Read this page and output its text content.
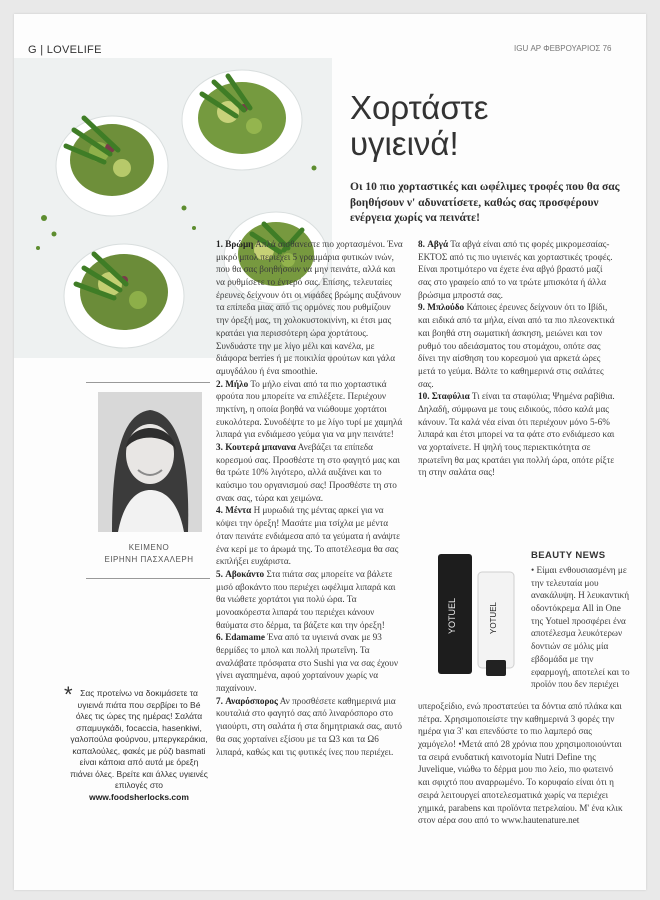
G | LOVELIFE	IGU ΑΡ ΦΕΒΡΟΥΑΡΙΟΣ 76
Χορτάστε
υγιεινά!

Οι 10 πιο χορταστικές και ωφέλιμες τροφές που θα σας βοηθήσουν ν' αδυνατίσετε, καθώς σας προσφέρουν ενέργεια χωρίς να πεινάτε!

1. Βρώμη Απλά αισθανεστε πιο χορτασμένοι. Ένα μικρό μπολ περιέχει 5 γραμμάρια φυτικών ινών, που θα σας βοηθήσουν να μην πεινάτε, αλλά και να ρυθμίσετε το έντερό σας. Επίσης, τελευταίες έρευνες δείχνουν ότι οι νιφάδες βρώμης αυξάνουν τα επίπεδα μιας από τις ορμόνες που ρυθμίζουν την όρεξή μας, τη χολοκυστοκινίνη, κι έτσι μας κρατάει για περισσότερη ώρα χορτάτους. Συνδυάστε την με λίγο μέλι και κανέλα, με διάφορα berries ή με ποικιλία φρούτων και γάλα αμυγδάλου ή ένα smoothie.

2. Μήλο Το μήλο είναι από τα πιο χορταστικά φρούτα που μπορείτε να επιλέξετε. Περιέχουν πηκτίνη, η οποία βοηθά να νιώθουμε χορτάτοι ευκολότερα. Συνοδέψτε το με λίγο τυρί με χαμηλά λιπαρά για ενδιάμεσο γεύμα για να μην πεινάτε!

3. Κουτερά μπανανα Ανεβάζει τα επίπεδα κορεσμού σας. Προσθέστε τη στο φαγητό μας και θα τρώτε 10% λιγότερο, αλλά αυξάνει και το καύσιμο του οργανισμού σας! Προσθέστε τη στο σνακ σας, τώρα και χειμώνα.

4. Μέντα Η μυρωδιά της μέντας αρκεί για να κόψει την όρεξη! Μασάτε μια τσίχλα με μέντα όταν πεινάτε ενδιάμεσα από τα γεύματα ή ανάψτε ένα κερί με το άρωμά της. Το αποτέλεσμα θα σας εκπλήξει ευχάριστα.

5. Αβοκάντο Στα πιάτα σας μπορείτε να βάλετε μισό αβοκάντο που περιέχει ωφέλιμα λιπαρά και θα νιώθετε χορτάτοι για πολύ ώρα. Τα μονοακόρεστα λιπαρά του περιέχει κάνουν θαύματα στο δέρμα, τα βάζετε και την όρεξη!

6. Edamame Ένα από τα υγιεινά σνακ με 93 θερμίδες το μπολ και πολλή πρωτεΐνη. Τα αναλάβατε πρόσφατα στο Sushi για να σας έχουν γίνει αγαπημένα, αφού χορταίνουν χωρίς να παχαίνουν.

7. Αναρόσπορος Αν προσθέσετε καθημερινά μια κουταλιά στο φαγητό σας από λιναρόσπορο στο γιαούρτι, στη σαλάτα ή στα δημητριακά σας, αυτό θα σας χορταίνει εξίσου με τα Ω3 και τα Ω6 λιπαρά, καθώς και τις φυτικές ίνες που περιέχει.

8. Αβγά Τα αβγά είναι από τις φορές μικρομεσαίας-ΕΚΤΟΣ από τις πιο υγιεινές και χορταστικές τροφές. Είναι προτιμότερο να έχετε ένα αβγό βραστό μαζί σας στο γραφείο από το να τρώτε μπισκότα ή άλλα βρώσιμα μπροστά σας.

9. Μπλούδο Κάποιες έρευνες δείχνουν ότι το Ιβίδι, και ειδικά από τα μήλα, είναι από τα πιο πλεονεκτικά και βοηθά στη σωματική άσκηση, μειώνει και τον ρυθμό του αδειάσματος του στομάχου, οπότε σας δίνει την αίσθηση του κορεσμού για αρκετά ώρες μετά το γεύμα. Βάλτε το καθημερινά στις σαλάτες σας.

10. Σταφύλια Τι είναι τα σταφύλια; Ψημένα ραβίθια. Δηλαδή, σύμφωνα με τους ειδικούς, πόσο καλά μας κάνουν. Τα καλά νέα είναι ότι περιέχουν μόνο 5-6% λιπαρά και έτσι μπορεί να τα φάτε στο ενδιάμεσο και να χορταίνετε. Η ψηλή τους περιεκτικότητα σε πρωτεΐνη θα μας κρατάει για πολλή ώρα, οπότε ρίξτε τη στην σαλάτα σας!

ΚΕΙΜΕΝΟ
ΕΙΡΗΝΗ ΠΑΣΧΑΛΕΡΗ
* Σας προτείνω να δοκιμάσετε τα υγιεινά πιάτα που σερβίρει το Bé όλες τις ώρες της ημέρας! Σαλάτα σπαμυγκάδι, focaccia, hasenkiwi, γαλοπούλα φούρνου, μπεργκεράκια, καπαλούλες, φακές με ρύζι basmati είναι κάποια από αυτά με όρεξη πιάνει όλες. Βρείτε και άλλες υγιεινές επιλογές στο
www.foodsherlocks.com
YOTUEL	YOTUEL
BEAUTY NEWS

• Είμαι ενθουσιασμένη με την τελευταία μου ανακάλυψη. Η λευκαντική οδοντόκρεμα All in One της Yotuel προσφέρει ένα αποτέλεσμα λευκότερων δοντιών σε μόλις μία εβδομάδα με την εφαρμογή, αποτελεί και το προϊόν που δεν περιέχει

υπεροξείδιο, ενώ προστατεύει τα δόντια από πλάκα και πέτρα. Χρησιμοποιείστε την καθημερινά 3 φορές την ημέρα για 3' και επενδύστε το πιο λαμπερό σας χαμόγελο! •Μετά από 28 χρόνια που χρησιμοποιούνται τα σειρά ενυδατική καινοτομία Nutri Define της Juvelique, νιώθω το δέρμα μου πιο λείο, πιο φωτεινό και σφιχτό που αναρρωμένο. Το κορυφαίο είναι ότι η σειρά λειτουργεί αποτελεσματικά χωρίς να περιέχει χημικά, parabens και προϊόντα πετρελαίου. Μ' ένα κλικ στον αέρα σου από το www.hautenature.net
